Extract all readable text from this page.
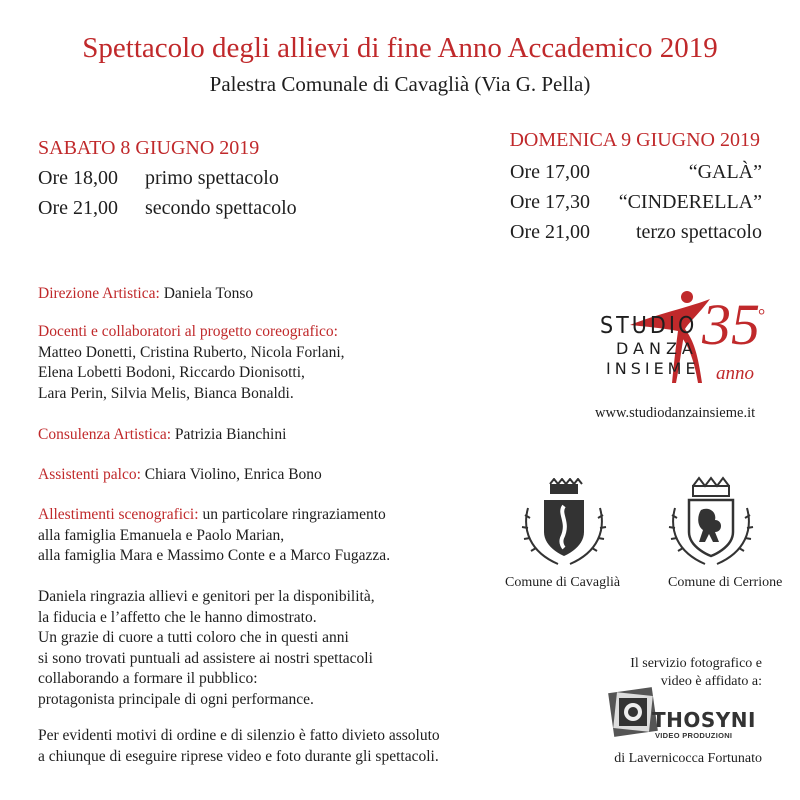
Spettacolo degli allievi di fine Anno Accademico 2019
Palestra Comunale di Cavaglià (Via G. Pella)
SABATO 8 GIUGNO 2019
Ore 18,00 primo spettacolo
Ore 21,00 secondo spettacolo
DOMENICA 9 GIUGNO 2019
Ore 17,00	“GALÀ”
Ore 17,30 “CINDERELLA”
Ore 21,00 terzo spettacolo
Direzione Artistica: Daniela Tonso
Docenti e collaboratori al progetto coreografico:
Matteo Donetti, Cristina Ruberto, Nicola Forlani,
Elena Lobetti Bodoni, Riccardo Dionisotti,
Lara Perin, Silvia Melis, Bianca Bonaldi.
Consulenza Artistica: Patrizia Bianchini
Assistenti palco: Chiara Violino, Enrica Bono
Allestimenti scenografici: un particolare ringraziamento
alla famiglia Emanuela e Paolo Marian,
alla famiglia Mara e Massimo Conte e a Marco Fugazza.
Daniela ringrazia allievi e genitori per la disponibilità,
la fiducia e l’affetto che le hanno dimostrato.
Un grazie di cuore a tutti coloro che in questi anni
si sono trovati puntuali ad assistere ai nostri spettacoli
collaborando a formare il pubblico:
protagonista principale di ogni performance.
Per evidenti motivi di ordine e di silenzio è fatto divieto assoluto
a chiunque di eseguire riprese video e foto durante gli spettacoli.
STUDIO
DANZA
INSIEME
35
°
anno
www.studiodanzainsieme.it
Comune di Cavaglià	Comune di Cerrione
Il servizio fotografico e
video è affidato a:
THOSYNI
VIDEO PRODUZIONI
di Lavernicocca Fortunato
